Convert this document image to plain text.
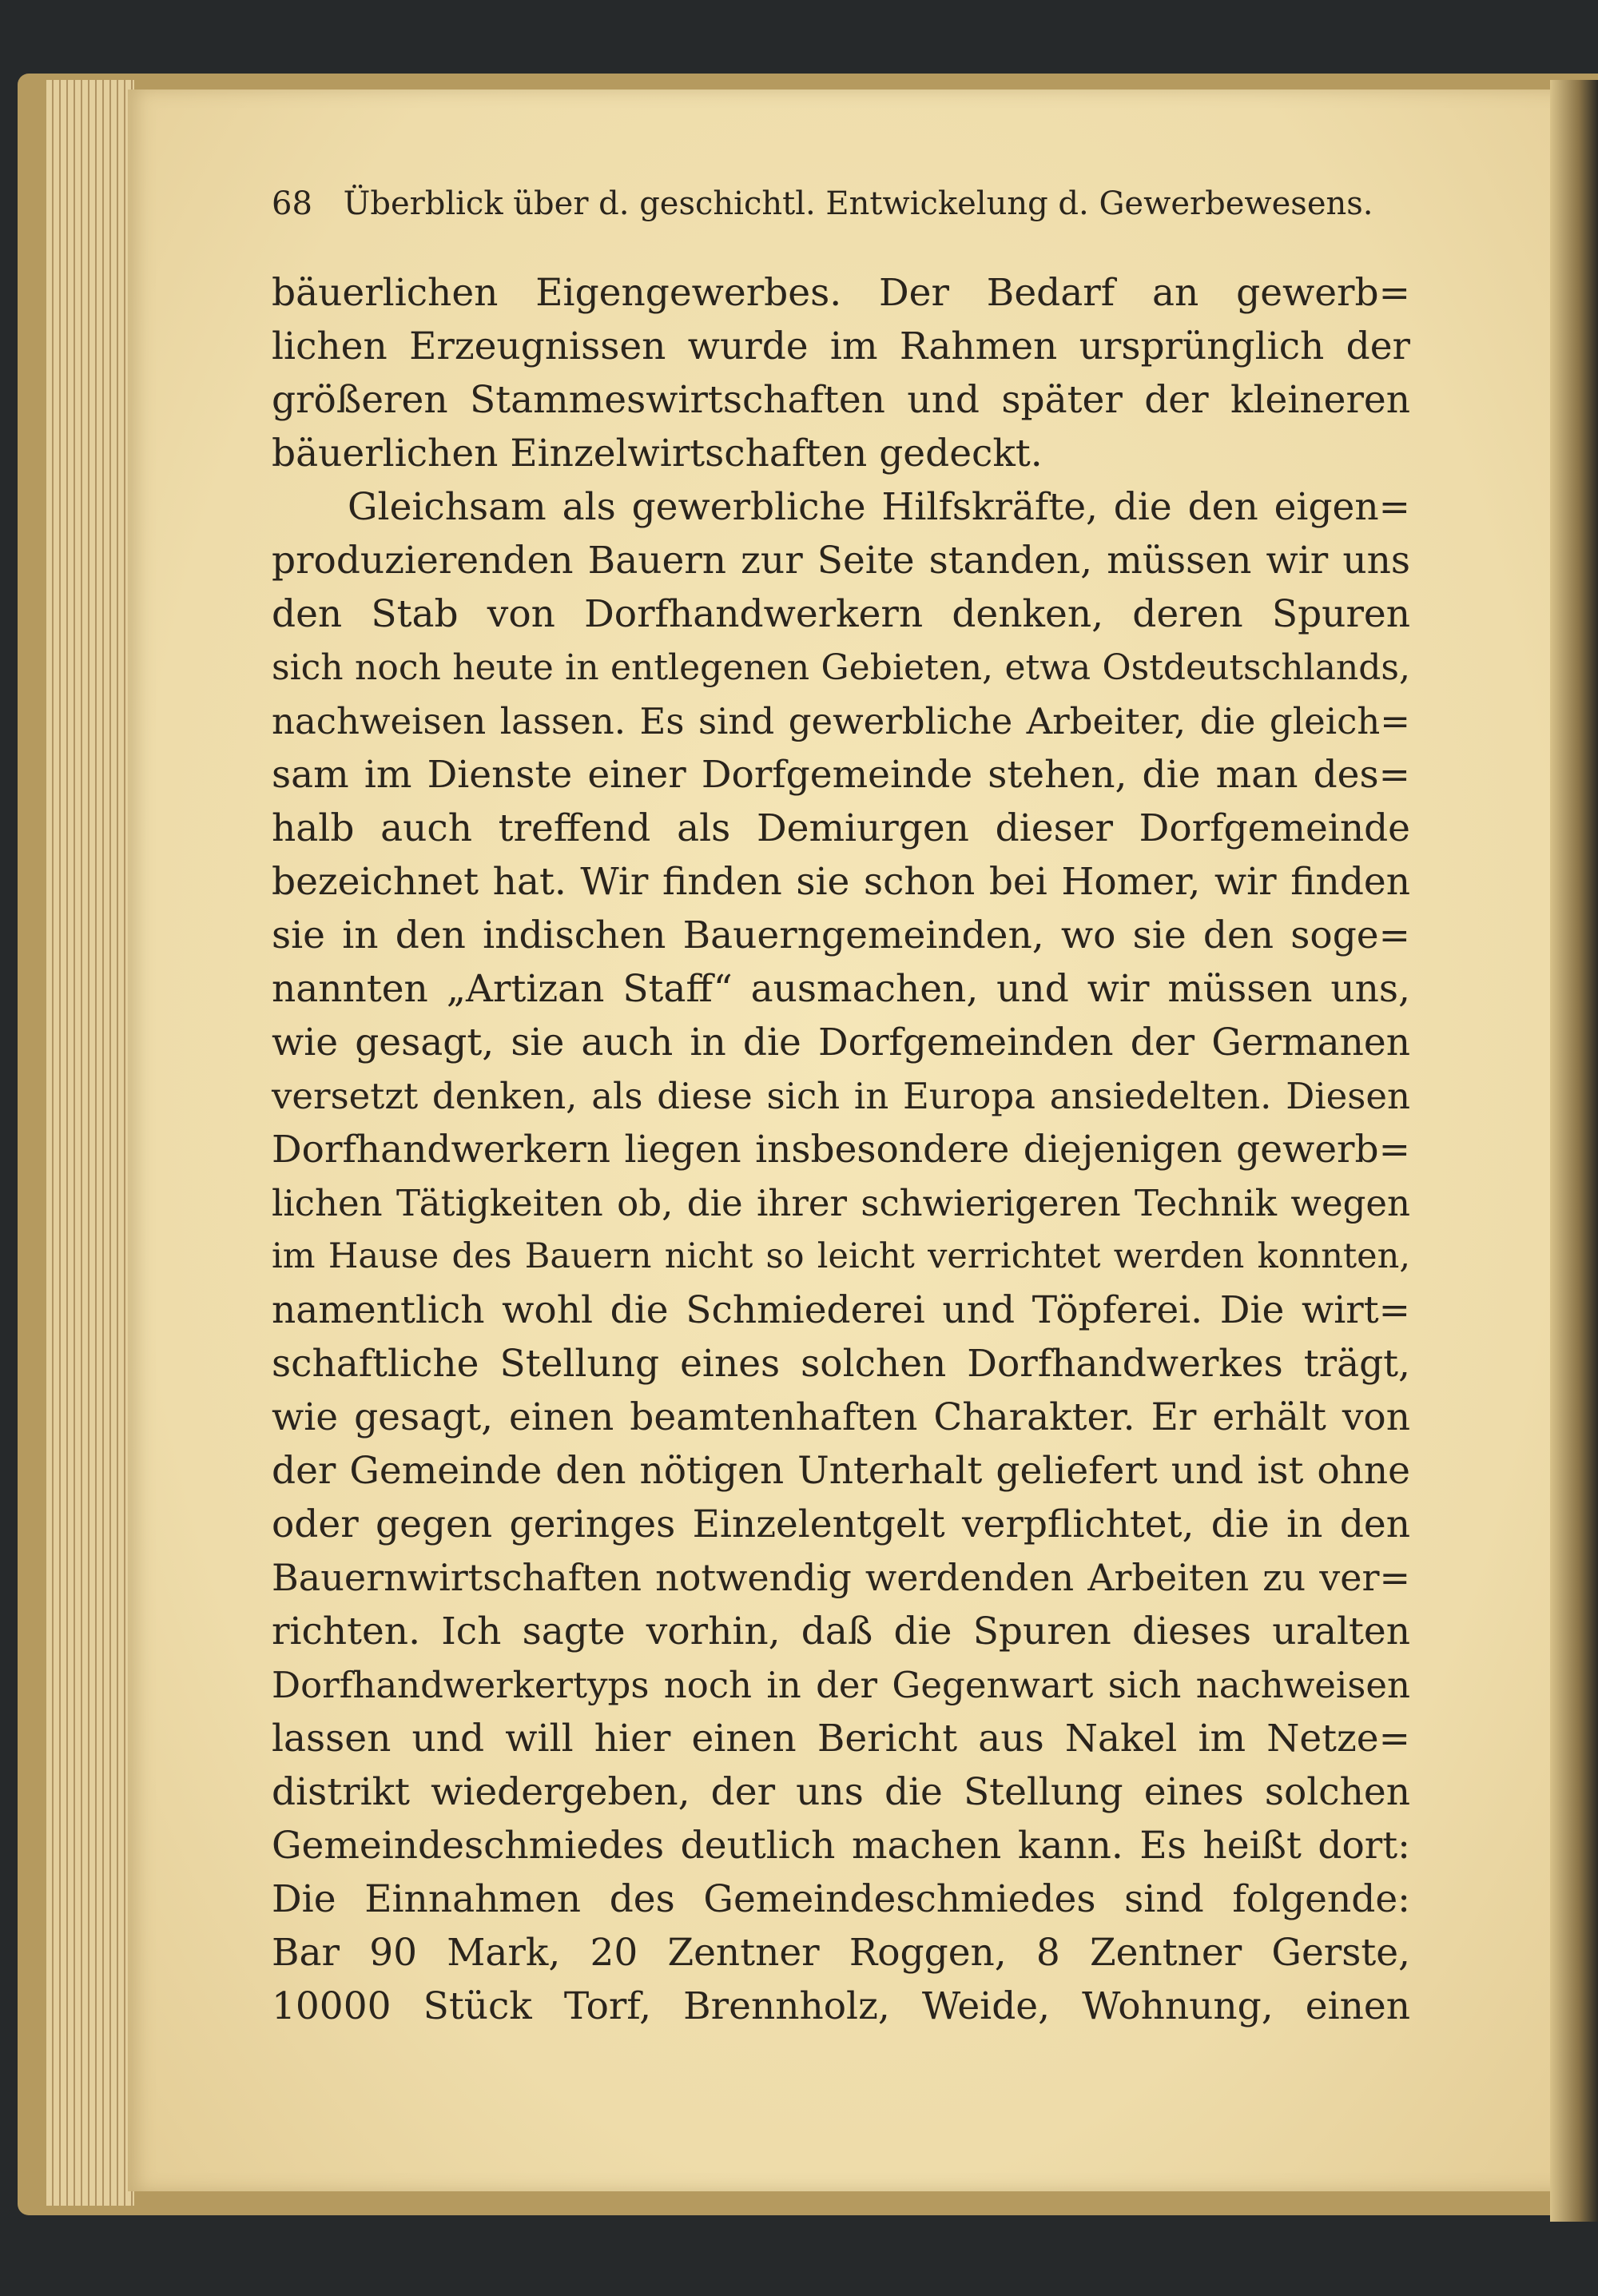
68 Überblick über d. geschichtl. Entwickelung d. Gewerbewesens.
bäuerlichen Eigengewerbes. Der Bedarf an gewerb=
lichen Erzeugnissen wurde im Rahmen ursprünglich der
größeren Stammeswirtschaften und später der kleineren
bäuerlichen Einzelwirtschaften gedeckt.
Gleichsam als gewerbliche Hilfskräfte, die den eigen=
produzierenden Bauern zur Seite standen, müssen wir uns
den Stab von Dorfhandwerkern denken, deren Spuren
sich noch heute in entlegenen Gebieten, etwa Ostdeutschlands,
nachweisen lassen. Es sind gewerbliche Arbeiter, die gleich=
sam im Dienste einer Dorfgemeinde stehen, die man des=
halb auch treffend als Demiurgen dieser Dorfgemeinde
bezeichnet hat. Wir finden sie schon bei Homer, wir finden
sie in den indischen Bauerngemeinden, wo sie den soge=
nannten „Artizan Staff“ ausmachen, und wir müssen uns,
wie gesagt, sie auch in die Dorfgemeinden der Germanen
versetzt denken, als diese sich in Europa ansiedelten. Diesen
Dorfhandwerkern liegen insbesondere diejenigen gewerb=
lichen Tätigkeiten ob, die ihrer schwierigeren Technik wegen
im Hause des Bauern nicht so leicht verrichtet werden konnten,
namentlich wohl die Schmiederei und Töpferei. Die wirt=
schaftliche Stellung eines solchen Dorfhandwerkes trägt,
wie gesagt, einen beamtenhaften Charakter. Er erhält von
der Gemeinde den nötigen Unterhalt geliefert und ist ohne
oder gegen geringes Einzelentgelt verpflichtet, die in den
Bauernwirtschaften notwendig werdenden Arbeiten zu ver=
richten. Ich sagte vorhin, daß die Spuren dieses uralten
Dorfhandwerkertyps noch in der Gegenwart sich nachweisen
lassen und will hier einen Bericht aus Nakel im Netze=
distrikt wiedergeben, der uns die Stellung eines solchen
Gemeindeschmiedes deutlich machen kann. Es heißt dort:
Die Einnahmen des Gemeindeschmiedes sind folgende:
Bar 90 Mark, 20 Zentner Roggen, 8 Zentner Gerste,
10000 Stück Torf, Brennholz, Weide, Wohnung, einen
